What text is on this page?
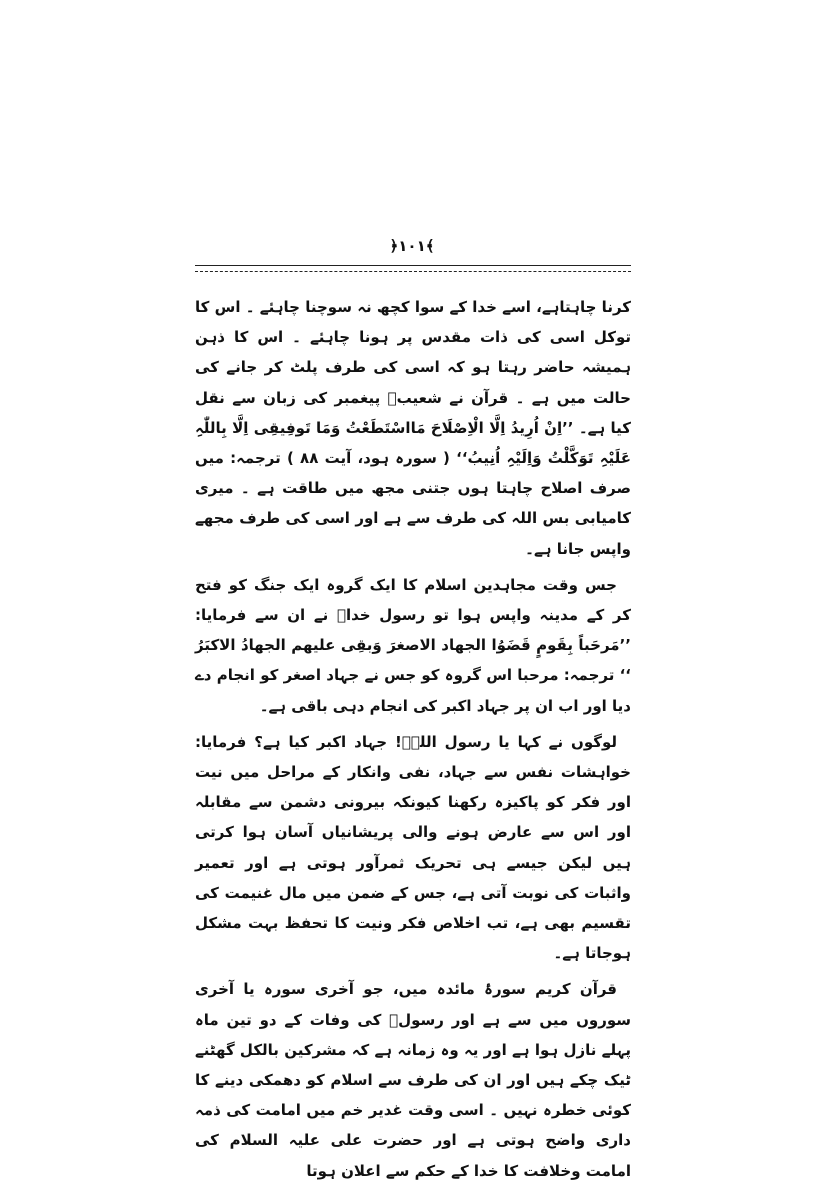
﴿۱۰۱﴾

کرنا چاہتاہے، اسے خدا کے سوا کچھ نہ سوچنا چاہئے ۔ اس کا توکل اسی کی ذات مقدس پر ہونا چاہئے ۔ اس کا ذہن ہمیشہ حاضر رہتا ہو کہ اسی کی طرف پلٹ کر جانے کی حالت میں ہے ۔ قرآن نے شعیبؑ پیغمبر کی زبان سے نقل کیا ہے۔ ’’اِنْ اُرِیدُ اِلَّا الْاِصْلَاحَ مَااسْتَطَعْتُ وَمَا تَوفِیقِی اِلَّا بِاللّٰہِ عَلَیْہِ تَوَکَّلْتُ وَاِلَیْہِ اُنِیبُ‘‘ ( سورہ ہود، آیت ۸۸ ) ترجمہ: میں صرف اصلاح چاہتا ہوں جتنی مجھ میں طاقت ہے ۔ میری کامیابی بس اللہ کی طرف سے ہے اور اسی کی طرف مجھے واپس جانا ہے۔

جس وقت مجاہدین اسلام کا ایک گروہ ایک جنگ کو فتح کر کے مدینہ واپس ہوا تو رسول خداؐ نے ان سے فرمایا: ’’مَرحَباً بِقَومٍ قَضَوُا الجهاد الاصغرَ وَبقِی علیهم الجهادُ الاکبَرُ ‘‘ ترجمہ: مرحبا اس گروہ کو جس نے جہاد اصغر کو انجام دے دیا اور اب ان پر جہاد اکبر کی انجام دہی باقی ہے۔

لوگوں نے کہا یا رسول اللہؐ! جہاد اکبر کیا ہے؟ فرمایا: خواہشات نفس سے جہاد، نفی وانکار کے مراحل میں نیت اور فکر کو پاکیزہ رکھنا کیونکہ بیرونی دشمن سے مقابلہ اور اس سے عارض ہونے والی پریشانیاں آسان ہوا کرتی ہیں لیکن جیسے ہی تحریک ثمرآور ہوتی ہے اور تعمیر واثبات کی نوبت آتی ہے، جس کے ضمن میں مال غنیمت کی تقسیم بھی ہے، تب اخلاص فکر ونیت کا تحفظ بہت مشکل ہوجاتا ہے۔

قرآن کریم سورۂ مائدہ میں، جو آخری سورہ یا آخری سوروں میں سے ہے اور رسولؐ کی وفات کے دو تین ماہ پہلے نازل ہوا ہے اور یہ وہ زمانہ ہے کہ مشرکین بالکل گھٹنے ٹیک چکے ہیں اور ان کی طرف سے اسلام کو دھمکی دینے کا کوئی خطرہ نہیں ۔ اسی وقت غدیر خم میں امامت کی ذمہ داری واضح ہوتی ہے اور حضرت علی علیہ السلام کی امامت وخلافت کا خدا کے حکم سے اعلان ہوتا
